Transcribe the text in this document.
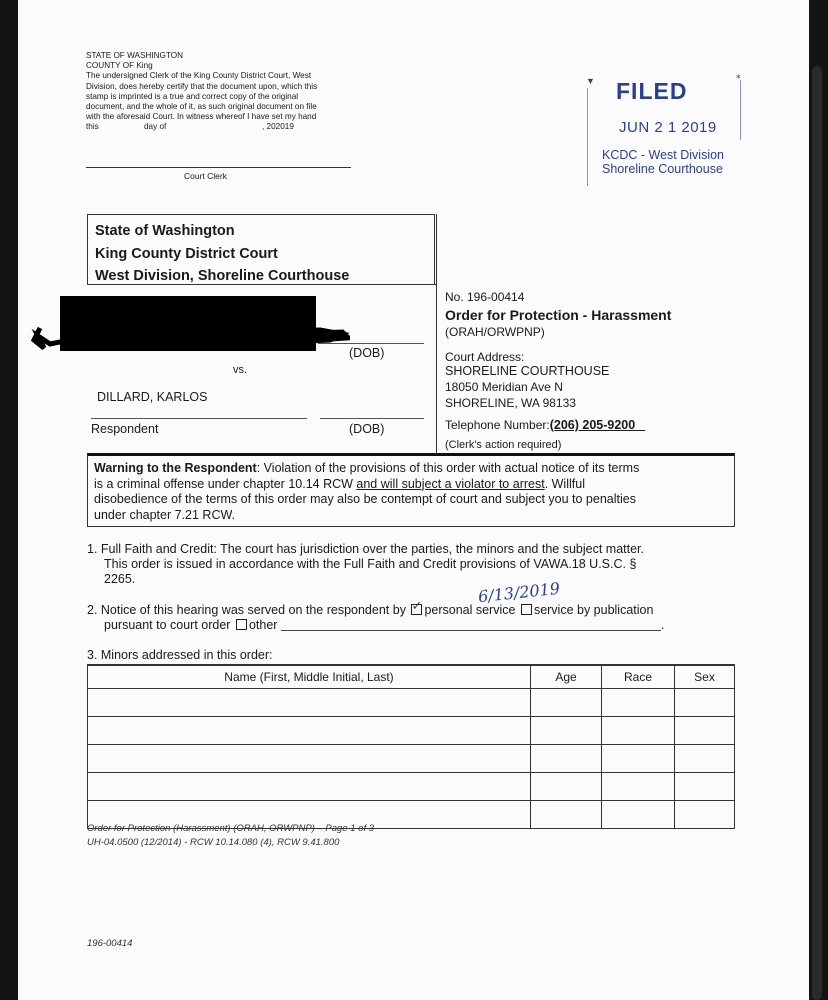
STATE OF WASHINGTON
COUNTY OF King
The undersigned Clerk of the King County District Court, West
Division, does hereby certify that the document upon, which this
stamp is imprinted is a true and correct copy of the original
document, and the whole of it, as such original document on file
with the aforesaid Court. In witness whereof I have set my hand
this	day of	, 202019
Court Clerk
▼
⁎
FILED
JUN 2 1 2019
KCDC - West Division
Shoreline Courthouse
State of Washington
King County District Court
West Division, Shoreline Courthouse
(DOB)
vs.
DILLARD, KARLOS
Respondent	(DOB)
No. 196-00414
Order for Protection - Harassment
(ORAH/ORWPNP)
Court Address:
SHORELINE COURTHOUSE
18050 Meridian Ave N
SHORELINE, WA 98133
Telephone Number:(206) 205-9200
(Clerk's action required)
Warning to the Respondent: Violation of the provisions of this order with actual notice of its terms
is a criminal offense under chapter 10.14 RCW and will subject a violator to arrest. Willful
disobedience of the terms of this order may also be contempt of court and subject you to penalties
under chapter 7.21 RCW.
1. Full Faith and Credit: The court has jurisdiction over the parties, the minors and the subject matter.
This order is issued in accordance with the Full Faith and Credit provisions of VAWA.18 U.S.C. §
2265.	6/13/2019
2. Notice of this hearing was served on the respondent by ✓ personal service service by publication
pursuant to court order other	.
3. Minors addressed in this order:
Name (First, Middle Initial, Last)	Age	Race	Sex

Order for Protection (Harassment) (ORAH, ORWPNP) – Page 1 of 3
UH-04.0500 (12/2014) - RCW 10.14.080 (4), RCW 9.41.800
196-00414
